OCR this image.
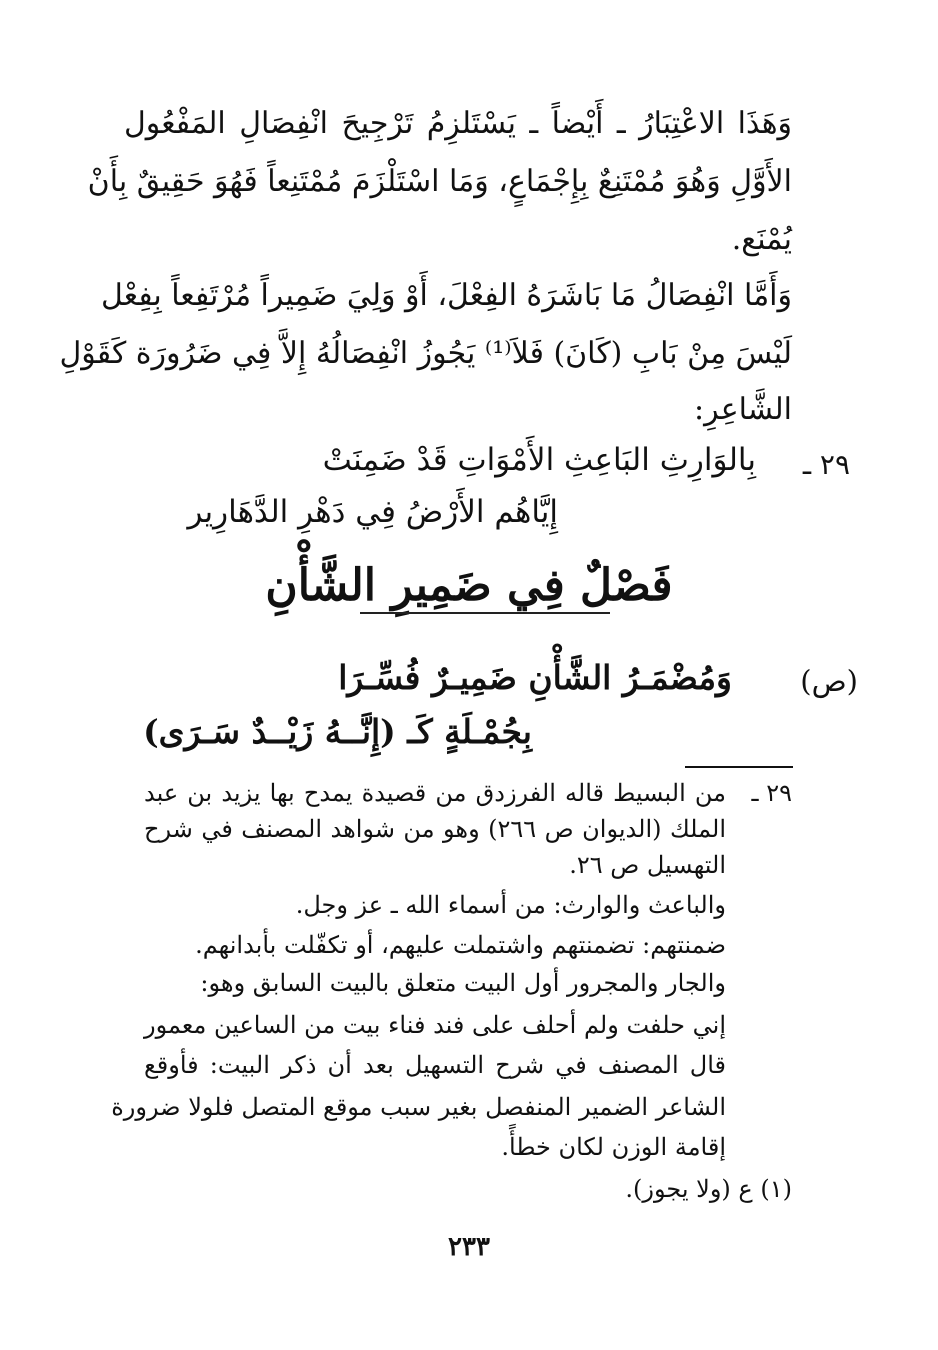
وَهَذَا الاعْتِبَارُ ـ أَيْضاً ـ يَسْتَلزِمُ تَرْجِيحَ انْفِصَالِ المَفْعُول
الأَوَّلِ وَهُوَ مُمْتَنِعٌ بِإِجْمَاعٍ، وَمَا اسْتَلْزَمَ مُمْتَنِعاً فَهُوَ حَقِيقٌ بِأَنْ
يُمْنَع.
وَأَمَّا انْفِصَالُ مَا بَاشَرَهُ الفِعْلَ، أَوْ وَلِيَ ضَمِيراً مُرْتَفِعاً بِفِعْل
لَيْسَ مِنْ بَابِ (كَانَ) فَلاَ⁽¹⁾ يَجُوزُ انْفِصَالُهُ إِلاَّ فِي ضَرُورَة كَقَوْلِ
الشَّاعِرِ:
٢٩ ـ
بِالوَارِثِ البَاعِثِ الأَمْوَاتِ قَدْ ضَمِنَتْ
إِيَّاهُم الأَرْضُ فِي دَهْرِ الدَّهَارِير
فَصْلٌ فِي ضَمِيرِ الشَّأْنِ
(ص)
وَمُضْمَـرُ الشَّأْنِ ضَمِيـرٌ فُسِّـرَا
بِجُمْـلَةٍ كَـ (إِنَّــهُ زَيْــدٌ سَـرَى)
٢٩ ـ
من البسيط قاله الفرزدق من قصيدة يمدح بها يزيد بن عبد
الملك (الديوان ص ٢٦٦) وهو من شواهد المصنف في شرح
التهسيل ص ٢٦.
والباعث والوارث: من أسماء الله ـ عز وجل.
ضمنتهم: تضمنتهم واشتملت عليهم، أو تكفّلت بأبدانهم.
والجار والمجرور أول البيت متعلق بالبيت السابق وهو:
إني حلفت ولم أحلف على فند فناء بيت من الساعين معمور
قال المصنف في شرح التسهيل بعد أن ذكر البيت: فأوقع
الشاعر الضمير المنفصل بغير سبب موقع المتصل فلولا ضرورة
إقامة الوزن لكان خطأً.
(١) ع (ولا يجوز).
٢٣٣
